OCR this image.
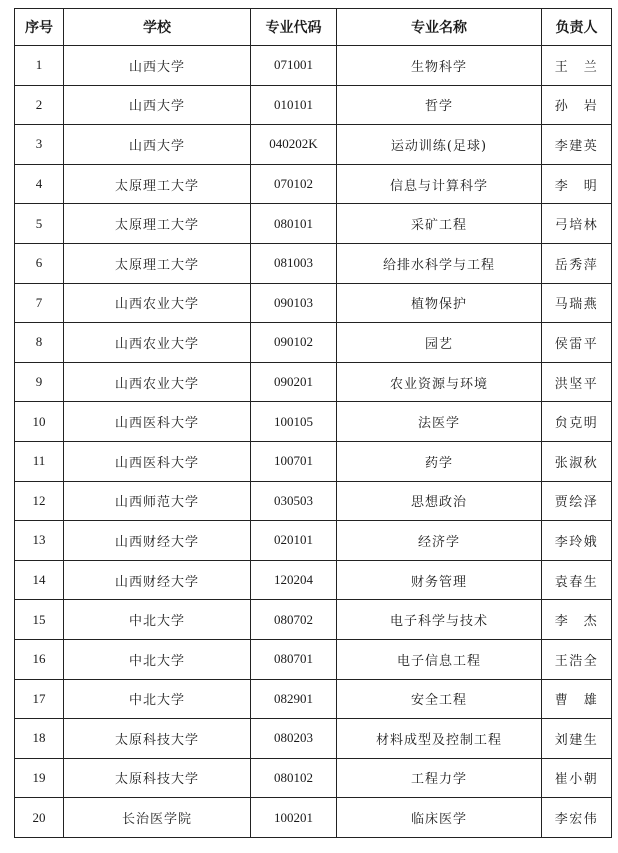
序号	学校	专业代码	专业名称	负责人
1	山西大学	071001	生物科学	王　兰
2	山西大学	010101	哲学	孙　岩
3	山西大学	040202K	运动训练(足球)	李建英
4	太原理工大学	070102	信息与计算科学	李　明
5	太原理工大学	080101	采矿工程	弓培林
6	太原理工大学	081003	给排水科学与工程	岳秀萍
7	山西农业大学	090103	植物保护	马瑞燕
8	山西农业大学	090102	园艺	侯雷平
9	山西农业大学	090201	农业资源与环境	洪坚平
10	山西医科大学	100105	法医学	贠克明
11	山西医科大学	100701	药学	张淑秋
12	山西师范大学	030503	思想政治	贾绘泽
13	山西财经大学	020101	经济学	李玲娥
14	山西财经大学	120204	财务管理	袁春生
15	中北大学	080702	电子科学与技术	李　杰
16	中北大学	080701	电子信息工程	王浩全
17	中北大学	082901	安全工程	曹　雄
18	太原科技大学	080203	材料成型及控制工程	刘建生
19	太原科技大学	080102	工程力学	崔小朝
20	长治医学院	100201	临床医学	李宏伟
